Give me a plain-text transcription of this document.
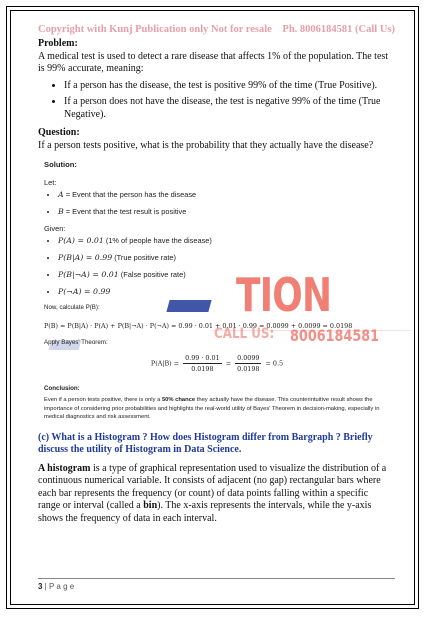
Copyright with Kunj Publication only Not for resale Ph. 8006184581 (Call Us)
TION
CALL US: 8006184581
Problem:
A medical test is used to detect a rare disease that affects 1% of the population. The test is 99% accurate, meaning:
• If a person has the disease, the test is positive 99% of the time (True Positive).
• If a person does not have the disease, the test is negative 99% of the time (True Negative).
Question:
If a person tests positive, what is the probability that they actually have the disease?
Solution:
Let:
• A = Event that the person has the disease
• B = Event that the test result is positive
Given:
• P(A) = 0.01 (1% of people have the disease)
• P(B|A) = 0.99 (True positive rate)
• P(B|¬A) = 0.01 (False positive rate)
• P(¬A) = 0.99
Now, calculate P(B):
P(B) = P(B|A) · P(A) + P(B|¬A) · P(¬A) = 0.99 · 0.01 + 0.01 · 0.99 = 0.0099 + 0.0099 = 0.0198
Apply Bayes' Theorem:
$P(A|B) = \frac{0.99 \cdot 0.01}{0.0198} = \frac{0.0099}{0.0198} = 0.5$
Conclusion:
Even if a person tests positive, there is only a 50% chance they actually have the disease. This counterintuitive result shows the importance of considering prior probabilities and highlights the real-world utility of Bayes' Theorem in decision-making, especially in medical diagnostics and risk assessment.
(c) What is a Histogram ? How does Histogram differ from Bargraph ? Briefly discuss the utility of Histogram in Data Science.
A histogram is a type of graphical representation used to visualize the distribution of a continuous numerical variable. It consists of adjacent (no gap) rectangular bars where each bar represents the frequency (or count) of data points falling within a specific range or interval (called a bin). The x-axis represents the intervals, while the y-axis shows the frequency of data in each interval.
3 | P a g e
